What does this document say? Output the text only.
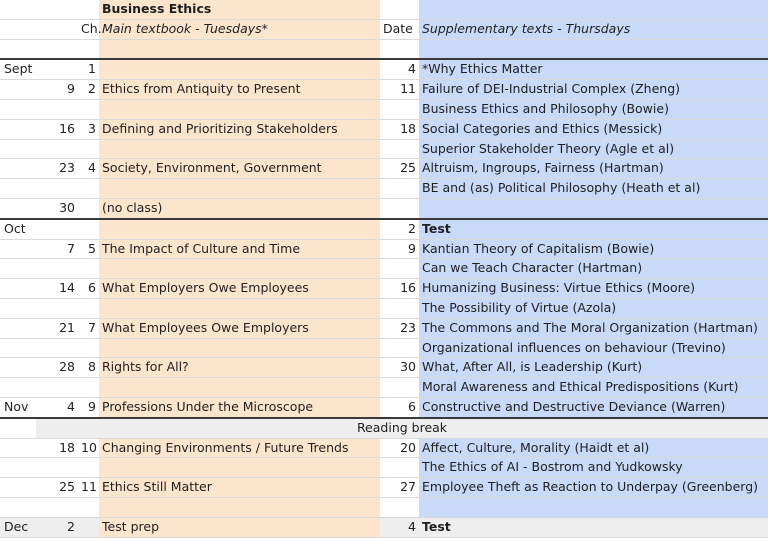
			Business Ethics		
		Ch.	Main textbook - Tuesdays*	Date	Supplementary texts - Thursdays

Sept		1		4	*Why Ethics Matter
	9	2	Ethics from Antiquity to Present	11	Failure of DEI-Industrial Complex (Zheng)
					Business Ethics and Philosophy (Bowie)
	16	3	Defining and Prioritizing Stakeholders	18	Social Categories and Ethics (Messick)
					Superior Stakeholder Theory (Agle et al)
	23	4	Society, Environment, Government	25	Altruism, Ingroups, Fairness (Hartman)
					BE and (as) Political Philosophy (Heath et al)
	30		(no class)		
Oct				2	Test
	7	5	The Impact of Culture and Time	9	Kantian Theory of Capitalism (Bowie)
					Can we Teach Character (Hartman)
	14	6	What Employers Owe Employees	16	Humanizing Business: Virtue Ethics (Moore)
					The Possibility of Virtue (Azola)
	21	7	What Employees Owe Employers	23	The Commons and The Moral Organization (Hartman)
					Organizational influences on behaviour (Trevino)
	28	8	Rights for All?	30	What, After All, is Leadership (Kurt)
					Moral Awareness and Ethical Predispositions (Kurt)
Nov	4	9	Professions Under the Microscope	6	Constructive and Destructive Deviance (Warren)
	Reading break				
	18	10	Changing Environments / Future Trends	20	Affect, Culture, Morality (Haidt et al)
					The Ethics of AI - Bostrom and Yudkowsky
	25	11	Ethics Still Matter	27	Employee Theft as Reaction to Underpay (Greenberg)

Dec	2		Test prep	4	Test
